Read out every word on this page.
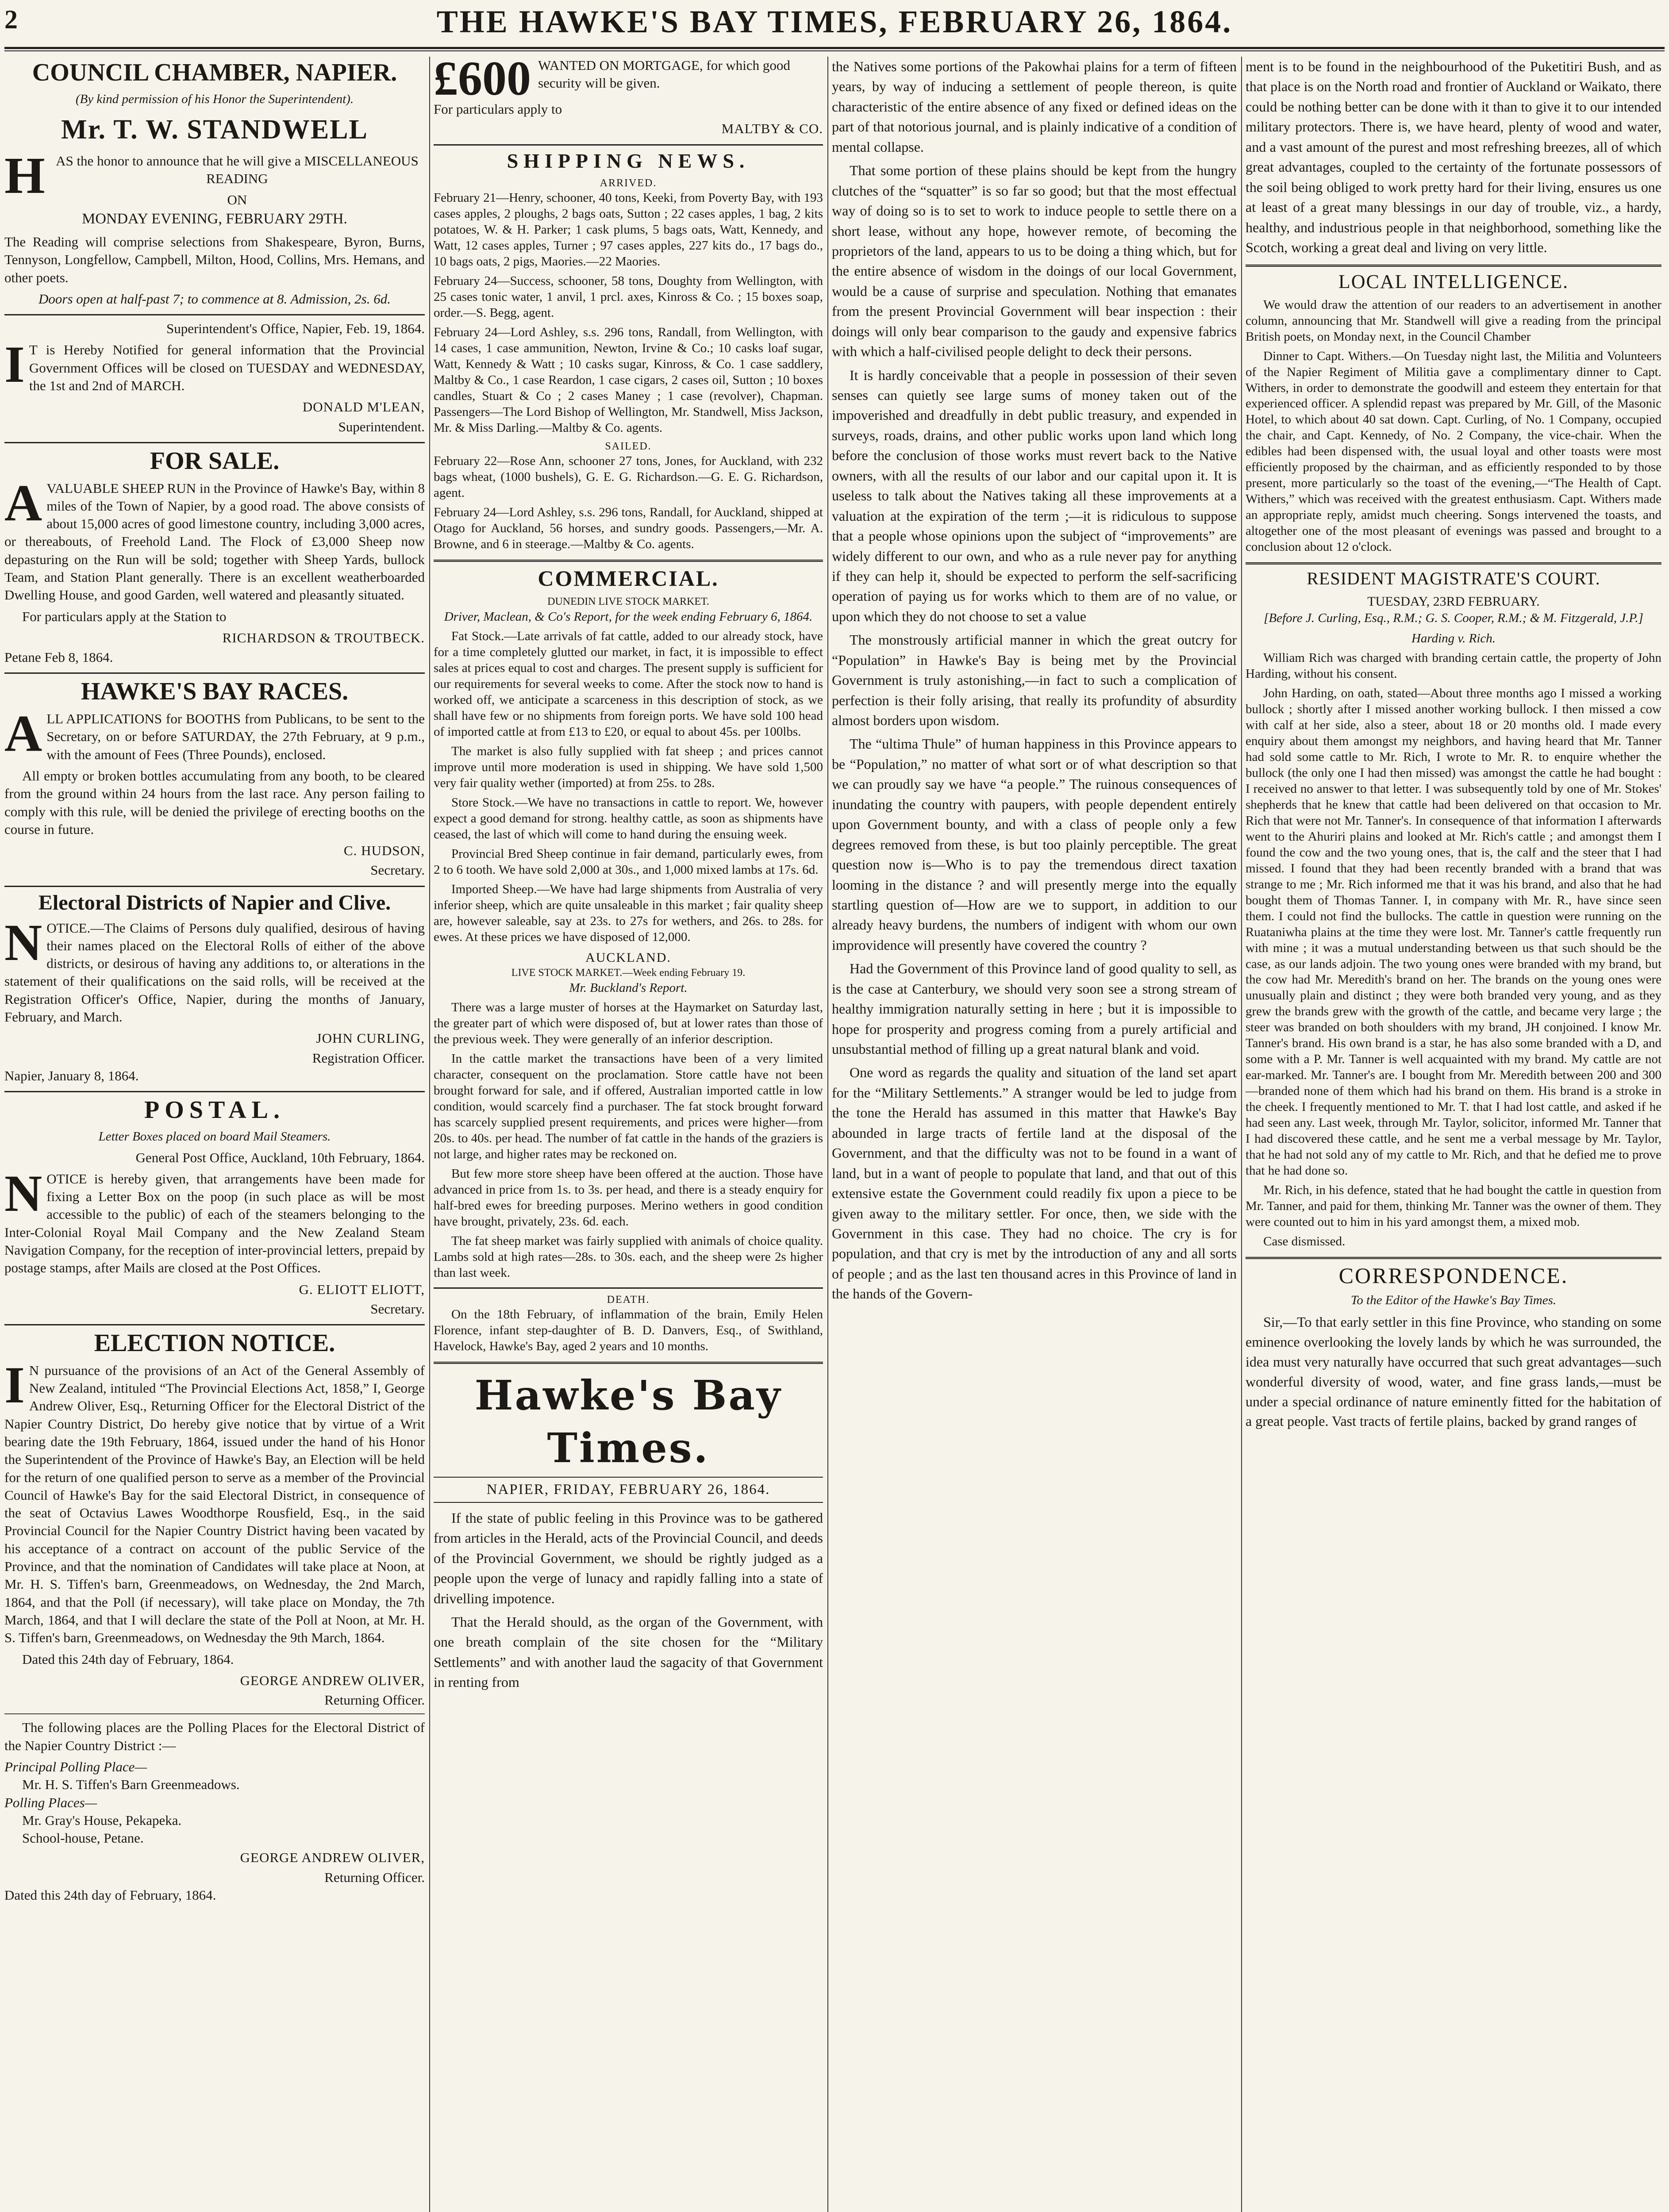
2	THE HAWKE'S BAY TIMES, FEBRUARY 26, 1864.
COUNCIL CHAMBER, NAPIER.
(By kind permission of his Honor the Superintendent).
Mr. T. W. STANDWELL

HAS the honor to announce that he will give a MISCELLANEOUS READING

ON
MONDAY EVENING, FEBRUARY 29TH.

The Reading will comprise selections from Shakespeare, Byron, Burns, Tennyson, Longfellow, Campbell, Milton, Hood, Collins, Mrs. Hemans, and other poets.

Doors open at half-past 7; to commence at 8. Admission, 2s. 6d.

Superintendent's Office, Napier, Feb. 19, 1864.

IT is Hereby Notified for general information that the Provincial Government Offices will be closed on TUESDAY and WEDNESDAY, the 1st and 2nd of MARCH.

DONALD M'LEAN,
Superintendent.
FOR SALE.

AVALUABLE SHEEP RUN in the Province of Hawke's Bay, within 8 miles of the Town of Napier, by a good road. The above consists of about 15,000 acres of good limestone country, including 3,000 acres, or thereabouts, of Freehold Land. The Flock of £3,000 Sheep now depasturing on the Run will be sold; together with Sheep Yards, bullock Team, and Station Plant generally. There is an excellent weatherboarded Dwelling House, and good Garden, well watered and pleasantly situated.

For particulars apply at the Station to

RICHARDSON & TROUTBECK.
Petane Feb 8, 1864.
HAWKE'S BAY RACES.

ALL APPLICATIONS for BOOTHS from Publicans, to be sent to the Secretary, on or before SATURDAY, the 27th February, at 9 p.m., with the amount of Fees (Three Pounds), enclosed.

All empty or broken bottles accumulating from any booth, to be cleared from the ground within 24 hours from the last race. Any person failing to comply with this rule, will be denied the privilege of erecting booths on the course in future.

C. HUDSON,
Secretary.
Electoral Districts of Napier and Clive.

NOTICE.—The Claims of Persons duly qualified, desirous of having their names placed on the Electoral Rolls of either of the above districts, or desirous of having any additions to, or alterations in the statement of their qualifications on the said rolls, will be received at the Registration Officer's Office, Napier, during the months of January, February, and March.

JOHN CURLING,
Registration Officer.
Napier, January 8, 1864.
POSTAL.
Letter Boxes placed on board Mail Steamers.

General Post Office, Auckland, 10th February, 1864.

NOTICE is hereby given, that arrangements have been made for fixing a Letter Box on the poop (in such place as will be most accessible to the public) of each of the steamers belonging to the Inter-Colonial Royal Mail Company and the New Zealand Steam Navigation Company, for the reception of inter-provincial letters, prepaid by postage stamps, after Mails are closed at the Post Offices.

G. ELIOTT ELIOTT,
Secretary.
ELECTION NOTICE.

IN pursuance of the provisions of an Act of the General Assembly of New Zealand, intituled “The Provincial Elections Act, 1858,” I, George Andrew Oliver, Esq., Returning Officer for the Electoral District of the Napier Country District, Do hereby give notice that by virtue of a Writ bearing date the 19th February, 1864, issued under the hand of his Honor the Superintendent of the Province of Hawke's Bay, an Election will be held for the return of one qualified person to serve as a member of the Provincial Council of Hawke's Bay for the said Electoral District, in consequence of the seat of Octavius Lawes Woodthorpe Rousfield, Esq., in the said Provincial Council for the Napier Country District having been vacated by his acceptance of a contract on account of the public Service of the Province, and that the nomination of Candidates will take place at Noon, at Mr. H. S. Tiffen's barn, Greenmeadows, on Wednesday, the 2nd March, 1864, and that the Poll (if necessary), will take place on Monday, the 7th March, 1864, and that I will declare the state of the Poll at Noon, at Mr. H. S. Tiffen's barn, Greenmeadows, on Wednesday the 9th March, 1864.

Dated this 24th day of February, 1864.

GEORGE ANDREW OLIVER,
Returning Officer.

The following places are the Polling Places for the Electoral District of the Napier Country District :—

Principal Polling Place—
Mr. H. S. Tiffen's Barn Greenmeadows.
Polling Places—
Mr. Gray's House, Pekapeka.
School-house, Petane.
GEORGE ANDREW OLIVER,
Returning Officer.
Dated this 24th day of February, 1864.
£600 WANTED ON MORTGAGE, for which good security will be given.
For particulars apply to
MALTBY & CO.
SHIPPING NEWS.
ARRIVED.

February 21—Henry, schooner, 40 tons, Keeki, from Poverty Bay, with 193 cases apples, 2 ploughs, 2 bags oats, Sutton ; 22 cases apples, 1 bag, 2 kits potatoes, W. & H. Parker; 1 cask plums, 5 bags oats, Watt, Kennedy, and Watt, 12 cases apples, Turner ; 97 cases apples, 227 kits do., 17 bags do., 10 bags oats, 2 pigs, Maories.—22 Maories.

February 24—Success, schooner, 58 tons, Doughty from Wellington, with 25 cases tonic water, 1 anvil, 1 prcl. axes, Kinross & Co. ; 15 boxes soap, order.—S. Begg, agent.

February 24—Lord Ashley, s.s. 296 tons, Randall, from Wellington, with 14 cases, 1 case ammunition, Newton, Irvine & Co.; 10 casks loaf sugar, Watt, Kennedy & Watt ; 10 casks sugar, Kinross, & Co. 1 case saddlery, Maltby & Co., 1 case Reardon, 1 case cigars, 2 cases oil, Sutton ; 10 boxes candles, Stuart & Co ; 2 cases Maney ; 1 case (revolver), Chapman. Passengers—The Lord Bishop of Wellington, Mr. Standwell, Miss Jackson, Mr. & Miss Darling.—Maltby & Co. agents.

SAILED.

February 22—Rose Ann, schooner 27 tons, Jones, for Auckland, with 232 bags wheat, (1000 bushels), G. E. G. Richardson.—G. E. G. Richardson, agent.

February 24—Lord Ashley, s.s. 296 tons, Randall, for Auckland, shipped at Otago for Auckland, 56 horses, and sundry goods. Passengers,—Mr. A. Browne, and 6 in steerage.—Maltby & Co. agents.

COMMERCIAL.
DUNEDIN LIVE STOCK MARKET.
Driver, Maclean, & Co's Report, for the week ending February 6, 1864.

Fat Stock.—Late arrivals of fat cattle, added to our already stock, have for a time completely glutted our market, in fact, it is impossible to effect sales at prices equal to cost and charges. The present supply is sufficient for our requirements for several weeks to come. After the stock now to hand is worked off, we anticipate a scarceness in this description of stock, as we shall have few or no shipments from foreign ports. We have sold 100 head of imported cattle at from £13 to £20, or equal to about 45s. per 100lbs.

The market is also fully supplied with fat sheep ; and prices cannot improve until more moderation is used in shipping. We have sold 1,500 very fair quality wether (imported) at from 25s. to 28s.

Store Stock.—We have no transactions in cattle to report. We, however expect a good demand for strong. healthy cattle, as soon as shipments have ceased, the last of which will come to hand during the ensuing week.

Provincial Bred Sheep continue in fair demand, particularly ewes, from 2 to 6 tooth. We have sold 2,000 at 30s., and 1,000 mixed lambs at 17s. 6d.

Imported Sheep.—We have had large shipments from Australia of very inferior sheep, which are quite unsaleable in this market ; fair quality sheep are, however saleable, say at 23s. to 27s for wethers, and 26s. to 28s. for ewes. At these prices we have disposed of 12,000.

AUCKLAND.
LIVE STOCK MARKET.—Week ending February 19.
Mr. Buckland's Report.

There was a large muster of horses at the Haymarket on Saturday last, the greater part of which were disposed of, but at lower rates than those of the previous week. They were generally of an inferior description.

In the cattle market the transactions have been of a very limited character, consequent on the proclamation. Store cattle have not been brought forward for sale, and if offered, Australian imported cattle in low condition, would scarcely find a purchaser. The fat stock brought forward has scarcely supplied present requirements, and prices were higher—from 20s. to 40s. per head. The number of fat cattle in the hands of the graziers is not large, and higher rates may be reckoned on.

But few more store sheep have been offered at the auction. Those have advanced in price from 1s. to 3s. per head, and there is a steady enquiry for half-bred ewes for breeding purposes. Merino wethers in good condition have brought, privately, 23s. 6d. each.

The fat sheep market was fairly supplied with animals of choice quality. Lambs sold at high rates—28s. to 30s. each, and the sheep were 2s higher than last week.

DEATH.

On the 18th February, of inflammation of the brain, Emily Helen Florence, infant step-daughter of B. D. Danvers, Esq., of Swithland, Havelock, Hawke's Bay, aged 2 years and 10 months.

Hawke's Bay Times.
NAPIER, FRIDAY, FEBRUARY 26, 1864.

If the state of public feeling in this Province was to be gathered from articles in the Herald, acts of the Provincial Council, and deeds of the Provincial Government, we should be rightly judged as a people upon the verge of lunacy and rapidly falling into a state of drivelling impotence.

That the Herald should, as the organ of the Government, with one breath complain of the site chosen for the “Military Settlements” and with another laud the sagacity of that Government in renting from

the Natives some portions of the Pakowhai plains for a term of fifteen years, by way of inducing a settlement of people thereon, is quite characteristic of the entire absence of any fixed or defined ideas on the part of that notorious journal, and is plainly indicative of a condition of mental collapse.

That some portion of these plains should be kept from the hungry clutches of the “squatter” is so far so good; but that the most effectual way of doing so is to set to work to induce people to settle there on a short lease, without any hope, however remote, of becoming the proprietors of the land, appears to us to be doing a thing which, but for the entire absence of wisdom in the doings of our local Government, would be a cause of surprise and speculation. Nothing that emanates from the present Provincial Government will bear inspection : their doings will only bear comparison to the gaudy and expensive fabrics with which a half-civilised people delight to deck their persons.

It is hardly conceivable that a people in possession of their seven senses can quietly see large sums of money taken out of the impoverished and dreadfully in debt public treasury, and expended in surveys, roads, drains, and other public works upon land which long before the conclusion of those works must revert back to the Native owners, with all the results of our labor and our capital upon it. It is useless to talk about the Natives taking all these improvements at a valuation at the expiration of the term ;—it is ridiculous to suppose that a people whose opinions upon the subject of “improvements” are widely different to our own, and who as a rule never pay for anything if they can help it, should be expected to perform the self-sacrificing operation of paying us for works which to them are of no value, or upon which they do not choose to set a value

The monstrously artificial manner in which the great outcry for “Population” in Hawke's Bay is being met by the Provincial Government is truly astonishing,—in fact to such a complication of perfection is their folly arising, that really its profundity of absurdity almost borders upon wisdom.

The “ultima Thule” of human happiness in this Province appears to be “Population,” no matter of what sort or of what description so that we can proudly say we have “a people.” The ruinous consequences of inundating the country with paupers, with people dependent entirely upon Government bounty, and with a class of people only a few degrees removed from these, is but too plainly perceptible. The great question now is—Who is to pay the tremendous direct taxation looming in the distance ? and will presently merge into the equally startling question of—How are we to support, in addition to our already heavy burdens, the numbers of indigent with whom our own improvidence will presently have covered the country ?

Had the Government of this Province land of good quality to sell, as is the case at Canterbury, we should very soon see a strong stream of healthy immigration naturally setting in here ; but it is impossible to hope for prosperity and progress coming from a purely artificial and unsubstantial method of filling up a great natural blank and void.

One word as regards the quality and situation of the land set apart for the “Military Settlements.” A stranger would be led to judge from the tone the Herald has assumed in this matter that Hawke's Bay abounded in large tracts of fertile land at the disposal of the Government, and that the difficulty was not to be found in a want of land, but in a want of people to populate that land, and that out of this extensive estate the Government could readily fix upon a piece to be given away to the military settler. For once, then, we side with the Government in this case. They had no choice. The cry is for population, and that cry is met by the introduction of any and all sorts of people ; and as the last ten thousand acres in this Province of land in the hands of the Govern-

ment is to be found in the neighbourhood of the Puketitiri Bush, and as that place is on the North road and frontier of Auckland or Waikato, there could be nothing better can be done with it than to give it to our intended military protectors. There is, we have heard, plenty of wood and water, and a vast amount of the purest and most refreshing breezes, all of which great advantages, coupled to the certainty of the fortunate possessors of the soil being obliged to work pretty hard for their living, ensures us one at least of a great many blessings in our day of trouble, viz., a hardy, healthy, and industrious people in that neighborhood, something like the Scotch, working a great deal and living on very little.

LOCAL INTELLIGENCE.

We would draw the attention of our readers to an advertisement in another column, announcing that Mr. Standwell will give a reading from the principal British poets, on Monday next, in the Council Chamber

Dinner to Capt. Withers.—On Tuesday night last, the Militia and Volunteers of the Napier Regiment of Militia gave a complimentary dinner to Capt. Withers, in order to demonstrate the goodwill and esteem they entertain for that experienced officer. A splendid repast was prepared by Mr. Gill, of the Masonic Hotel, to which about 40 sat down. Capt. Curling, of No. 1 Company, occupied the chair, and Capt. Kennedy, of No. 2 Company, the vice-chair. When the edibles had been dispensed with, the usual loyal and other toasts were most efficiently proposed by the chairman, and as efficiently responded to by those present, more particularly so the toast of the evening,—“The Health of Capt. Withers,” which was received with the greatest enthusiasm. Capt. Withers made an appropriate reply, amidst much cheering. Songs intervened the toasts, and altogether one of the most pleasant of evenings was passed and brought to a conclusion about 12 o'clock.

RESIDENT MAGISTRATE'S COURT.
TUESDAY, 23RD FEBRUARY.
[Before J. Curling, Esq., R.M.; G. S. Cooper, R.M.; & M. Fitzgerald, J.P.]
Harding v. Rich.

William Rich was charged with branding certain cattle, the property of John Harding, without his consent.

John Harding, on oath, stated—About three months ago I missed a working bullock ; shortly after I missed another working bullock. I then missed a cow with calf at her side, also a steer, about 18 or 20 months old. I made every enquiry about them amongst my neighbors, and having heard that Mr. Tanner had sold some cattle to Mr. Rich, I wrote to Mr. R. to enquire whether the bullock (the only one I had then missed) was amongst the cattle he had bought : I received no answer to that letter. I was subsequently told by one of Mr. Stokes' shepherds that he knew that cattle had been delivered on that occasion to Mr. Rich that were not Mr. Tanner's. In consequence of that information I afterwards went to the Ahuriri plains and looked at Mr. Rich's cattle ; and amongst them I found the cow and the two young ones, that is, the calf and the steer that I had missed. I found that they had been recently branded with a brand that was strange to me ; Mr. Rich informed me that it was his brand, and also that he had bought them of Thomas Tanner. I, in company with Mr. R., have since seen them. I could not find the bullocks. The cattle in question were running on the Ruataniwha plains at the time they were lost. Mr. Tanner's cattle frequently run with mine ; it was a mutual understanding between us that such should be the case, as our lands adjoin. The two young ones were branded with my brand, but the cow had Mr. Meredith's brand on her. The brands on the young ones were unusually plain and distinct ; they were both branded very young, and as they grew the brands grew with the growth of the cattle, and became very large ; the steer was branded on both shoulders with my brand, JH conjoined. I know Mr. Tanner's brand. His own brand is a star, he has also some branded with a D, and some with a P. Mr. Tanner is well acquainted with my brand. My cattle are not ear-marked. Mr. Tanner's are. I bought from Mr. Meredith between 200 and 300—branded none of them which had his brand on them. His brand is a stroke in the cheek. I frequently mentioned to Mr. T. that I had lost cattle, and asked if he had seen any. Last week, through Mr. Taylor, solicitor, informed Mr. Tanner that I had discovered these cattle, and he sent me a verbal message by Mr. Taylor, that he had not sold any of my cattle to Mr. Rich, and that he defied me to prove that he had done so.

Mr. Rich, in his defence, stated that he had bought the cattle in question from Mr. Tanner, and paid for them, thinking Mr. Tanner was the owner of them. They were counted out to him in his yard amongst them, a mixed mob.

Case dismissed.

CORRESPONDENCE.
To the Editor of the Hawke's Bay Times.

Sir,—To that early settler in this fine Province, who standing on some eminence overlooking the lovely lands by which he was surrounded, the idea must very naturally have occurred that such great advantages—such wonderful diversity of wood, water, and fine grass lands,—must be under a special ordinance of nature eminently fitted for the habitation of a great people. Vast tracts of fertile plains, backed by grand ranges of
